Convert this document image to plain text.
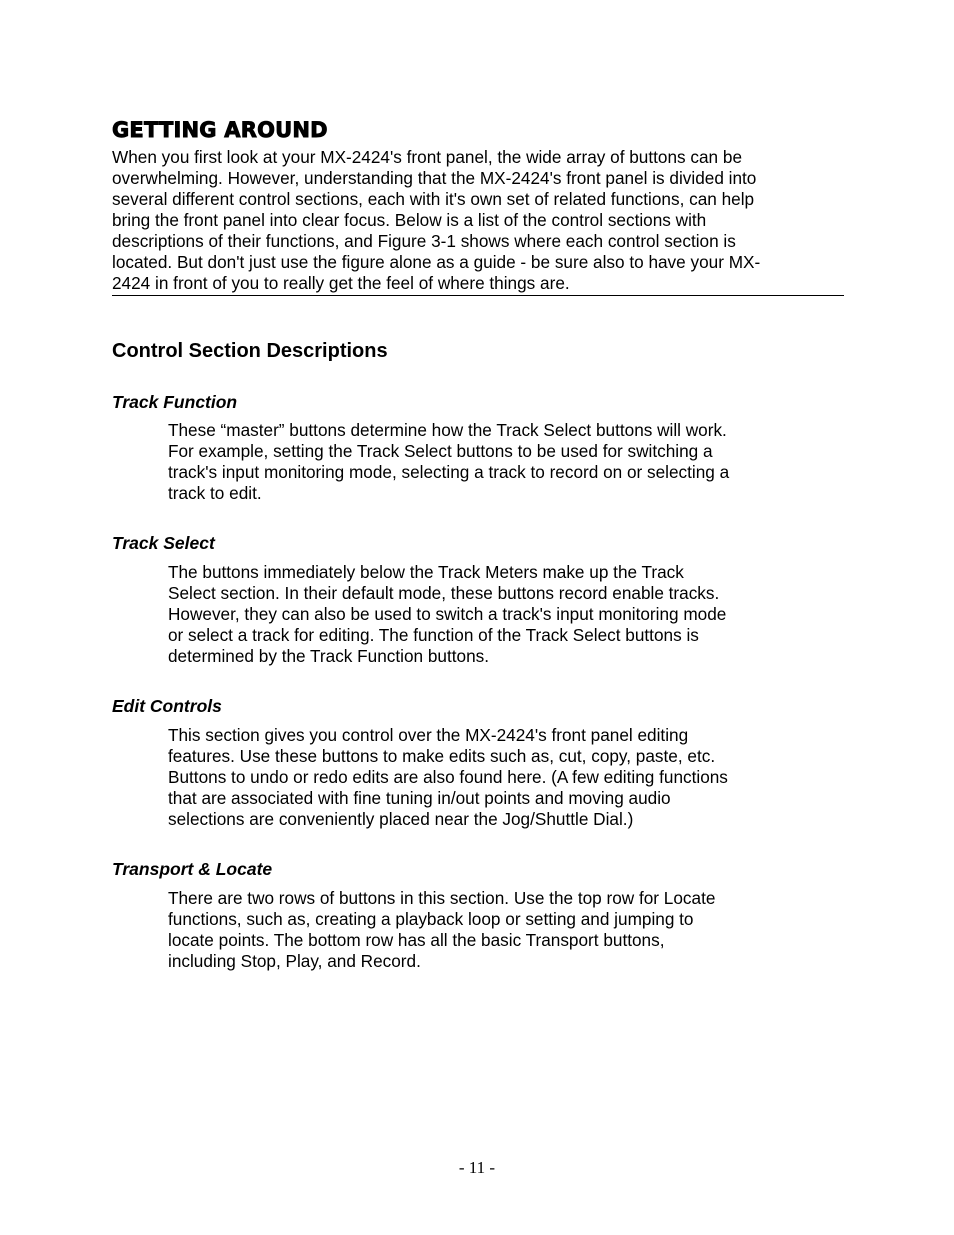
GETTING AROUND

When you first look at your MX-2424's front panel, the wide array of buttons can be
overwhelming. However, understanding that the MX-2424's front panel is divided into
several different control sections, each with it's own set of related functions, can help
bring the front panel into clear focus. Below is a list of the control sections with
descriptions of their functions, and Figure 3-1 shows where each control section is
located. But don't just use the figure alone as a guide - be sure also to have your MX-
2424 in front of you to really get the feel of where things are.

Control Section Descriptions
Track Function

These “master” buttons determine how the Track Select buttons will work.
For example, setting the Track Select buttons to be used for switching a
track's input monitoring mode, selecting a track to record on or selecting a
track to edit.

Track Select

The buttons immediately below the Track Meters make up the Track
Select section. In their default mode, these buttons record enable tracks.
However, they can also be used to switch a track's input monitoring mode
or select a track for editing. The function of the Track Select buttons is
determined by the Track Function buttons.

Edit Controls

This section gives you control over the MX-2424's front panel editing
features. Use these buttons to make edits such as, cut, copy, paste, etc.
Buttons to undo or redo edits are also found here. (A few editing functions
that are associated with fine tuning in/out points and moving audio
selections are conveniently placed near the Jog/Shuttle Dial.)

Transport & Locate

There are two rows of buttons in this section. Use the top row for Locate
functions, such as, creating a playback loop or setting and jumping to
locate points. The bottom row has all the basic Transport buttons,
including Stop, Play, and Record.

- 11 -
